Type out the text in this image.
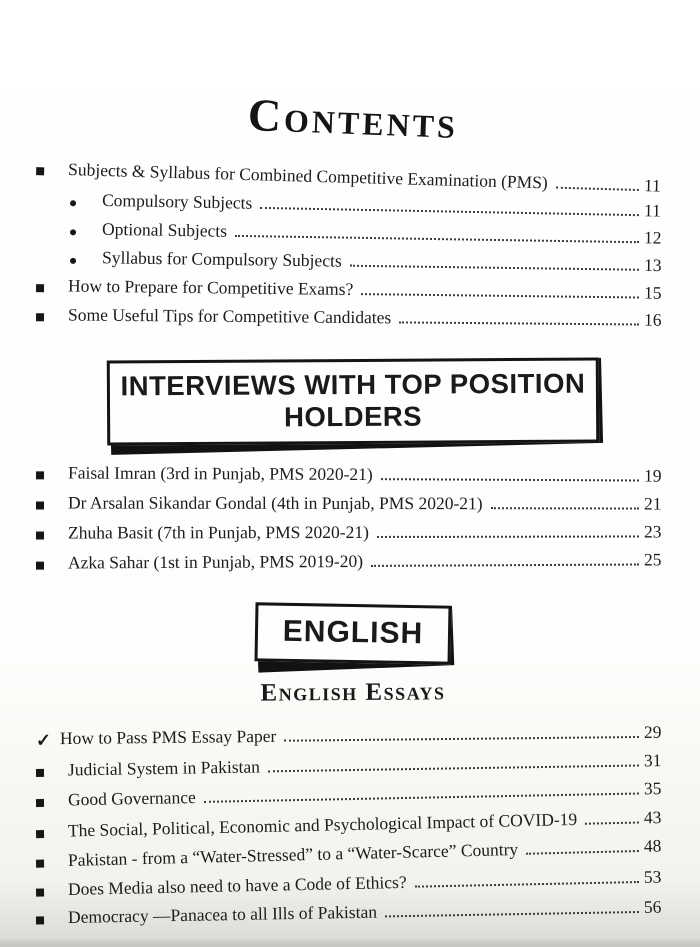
Contents
Subjects & Syllabus for Combined Competitive Examination (PMS)	11
Compulsory Subjects	11
Optional Subjects	12
Syllabus for Compulsory Subjects	13
How to Prepare for Competitive Exams?	15
Some Useful Tips for Competitive Candidates	16
INTERVIEWS WITH TOP POSITION HOLDERS
Faisal Imran (3rd in Punjab, PMS 2020-21)	19
Dr Arsalan Sikandar Gondal (4th in Punjab, PMS 2020-21)	21
Zhuha Basit (7th in Punjab, PMS 2020-21)	23
Azka Sahar (1st in Punjab, PMS 2019-20)	25
ENGLISH
English Essays
✓ How to Pass PMS Essay Paper	29
Judicial System in Pakistan	31
Good Governance	35
The Social, Political, Economic and Psychological Impact of COVID-19	43
Pakistan - from a “Water-Stressed” to a “Water-Scarce” Country	48
Does Media also need to have a Code of Ethics?	53
Democracy —Panacea to all Ills of Pakistan	56
